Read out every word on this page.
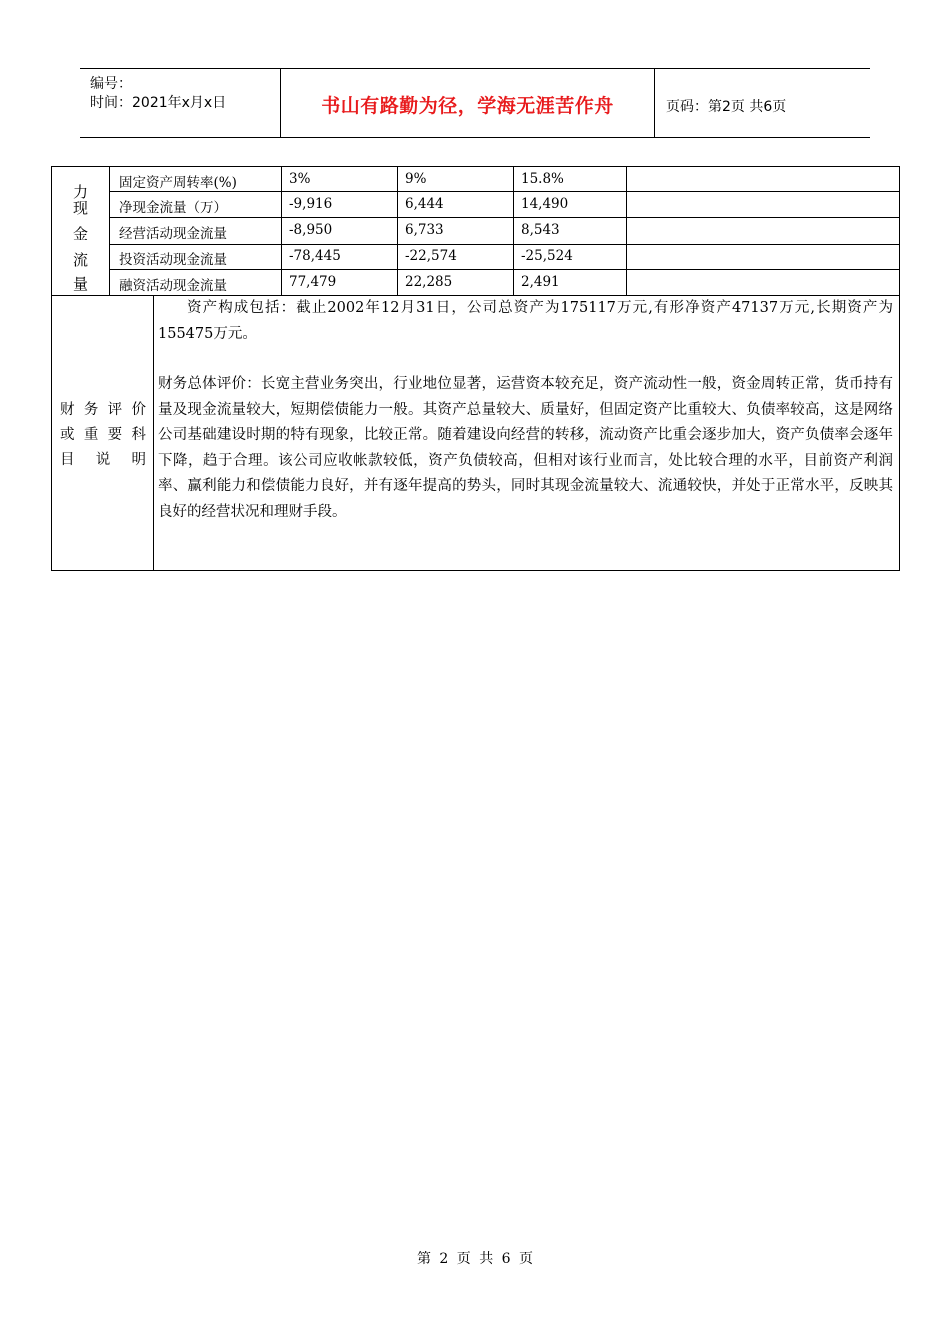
编号：
时间：2021年x月x日	书山有路勤为径，学海无涯苦作舟	页码：第2页 共6页
力
现
金
流
量
固定资产周转率(%)	3%	9%	15.8%
净现金流量（万）	-9,916	6,444	14,490
经营活动现金流量	-8,950	6,733	8,543
投资活动现金流量	-78,445	-22,574	-25,524
融资活动现金流量	77,479	22,285	2,491
财务评价
或重要科
目说明

资产构成包括：截止2002年12月31日，公司总资产为175117万元,有形净资产47137万元,长期资产为155475万元。

财务总体评价：长宽主营业务突出，行业地位显著，运营资本较充足，资产流动性一般，资金周转正常，货币持有量及现金流量较大，短期偿债能力一般。其资产总量较大、质量好，但固定资产比重较大、负债率较高，这是网络公司基础建设时期的特有现象，比较正常。随着建设向经营的转移，流动资产比重会逐步加大，资产负债率会逐年下降，趋于合理。该公司应收帐款较低，资产负债较高，但相对该行业而言，处比较合理的水平，目前资产利润率、赢利能力和偿债能力良好，并有逐年提高的势头，同时其现金流量较大、流通较快，并处于正常水平，反映其良好的经营状况和理财手段。

第 2 页 共 6 页
